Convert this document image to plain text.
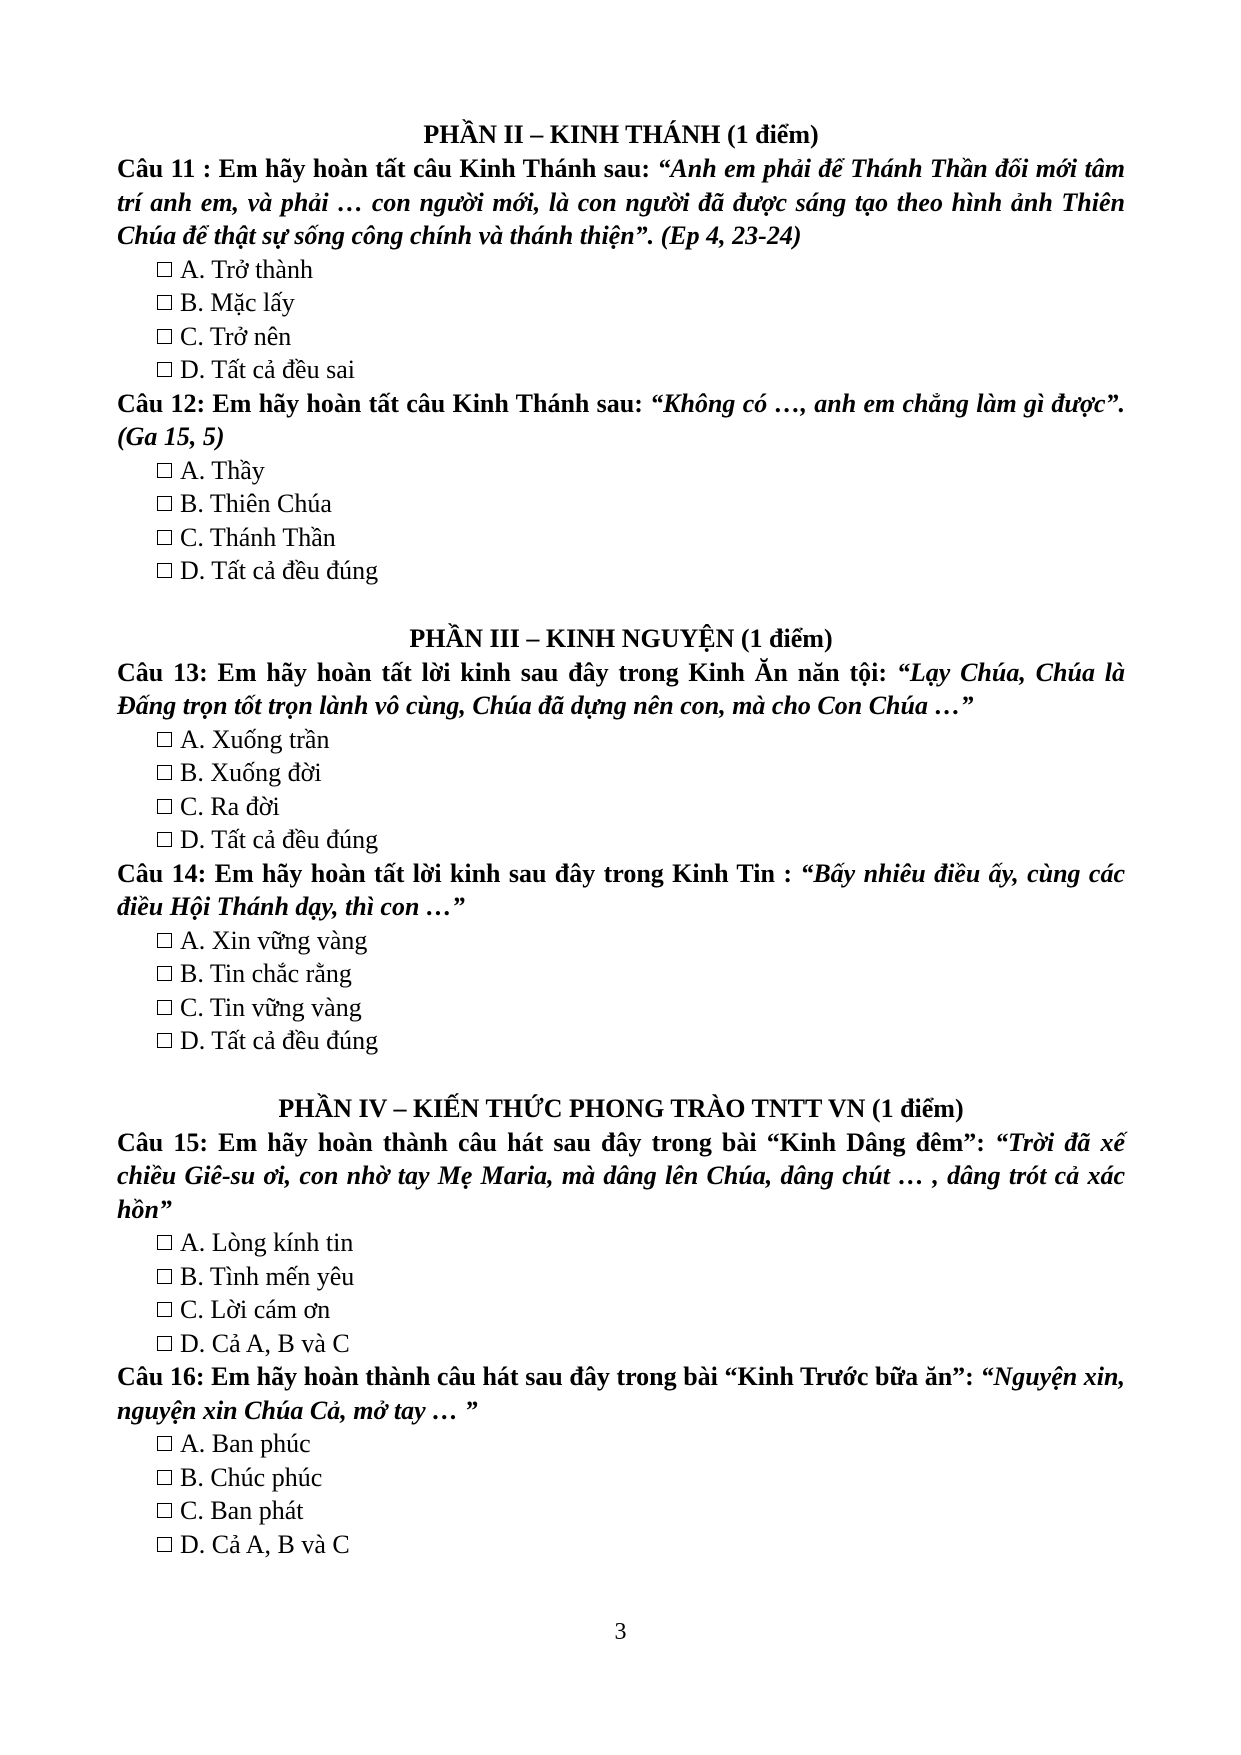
PHẦN II – KINH THÁNH (1 điểm)

Câu 11 : Em hãy hoàn tất câu Kinh Thánh sau: “Anh em phải để Thánh Thần đổi mới tâm trí anh em, và phải … con người mới, là con người đã được sáng tạo theo hình ảnh Thiên Chúa để thật sự sống công chính và thánh thiện”. (Ep 4, 23-24)

A. Trở thành
B. Mặc lấy
C. Trở nên
D. Tất cả đều sai

Câu 12: Em hãy hoàn tất câu Kinh Thánh sau: “Không có …, anh em chẳng làm gì được”. (Ga 15, 5)

A. Thầy
B. Thiên Chúa
C. Thánh Thần
D. Tất cả đều đúng
PHẦN III – KINH NGUYỆN (1 điểm)

Câu 13: Em hãy hoàn tất lời kinh sau đây trong Kinh Ăn năn tội: “Lạy Chúa, Chúa là Đấng trọn tốt trọn lành vô cùng, Chúa đã dựng nên con, mà cho Con Chúa …”

A. Xuống trần
B. Xuống đời
C. Ra đời
D. Tất cả đều đúng

Câu 14: Em hãy hoàn tất lời kinh sau đây trong Kinh Tin : “Bấy nhiêu điều ấy, cùng các điều Hội Thánh dạy, thì con …”

A. Xin vững vàng
B. Tin chắc rằng
C. Tin vững vàng
D. Tất cả đều đúng
PHẦN IV – KIẾN THỨC PHONG TRÀO TNTT VN (1 điểm)

Câu 15: Em hãy hoàn thành câu hát sau đây trong bài “Kinh Dâng đêm”: “Trời đã xế chiều Giê-su ơi, con nhờ tay Mẹ Maria, mà dâng lên Chúa, dâng chút … , dâng trót cả xác hồn”

A. Lòng kính tin
B. Tình mến yêu
C. Lời cám ơn
D. Cả A, B và C

Câu 16: Em hãy hoàn thành câu hát sau đây trong bài “Kinh Trước bữa ăn”: “Nguyện xin, nguyện xin Chúa Cả, mở tay … ”

A. Ban phúc
B. Chúc phúc
C. Ban phát
D. Cả A, B và C
3
